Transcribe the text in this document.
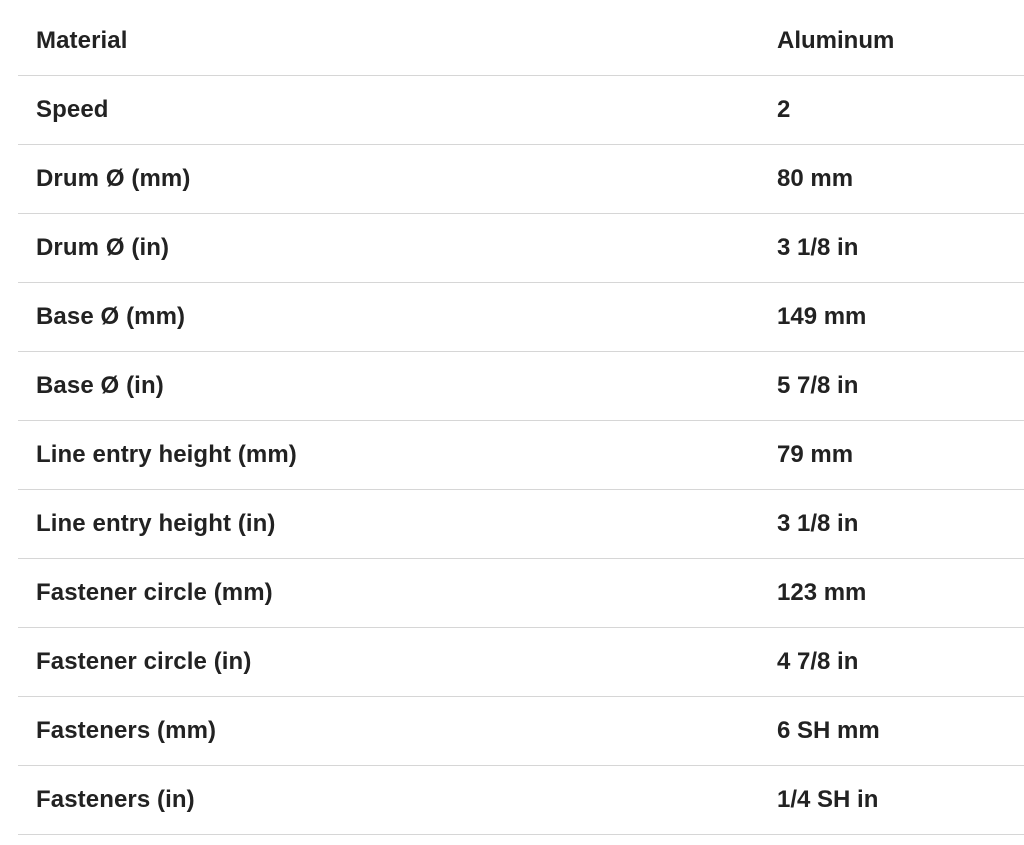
Material	Aluminum
Speed	2
Drum Ø (mm)	80 mm
Drum Ø (in)	3 1/8 in
Base Ø (mm)	149 mm
Base Ø (in)	5 7/8 in
Line entry height (mm)	79 mm
Line entry height (in)	3 1/8 in
Fastener circle (mm)	123 mm
Fastener circle (in)	4 7/8 in
Fasteners (mm)	6 SH mm
Fasteners (in)	1/4 SH in
